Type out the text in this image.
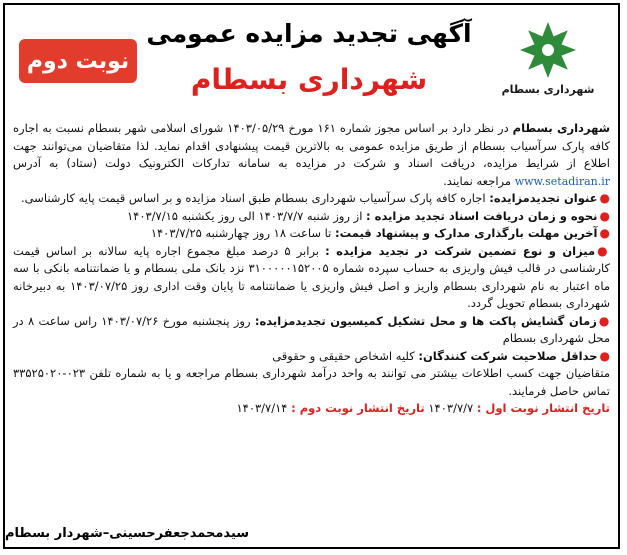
شهرداری بسطام
آگهی تجدید مزایده عمومی
شهرداری بسطام
نوبت دوم

شهرداری بسطام در نظر دارد بر اساس مجوز شماره ۱۶۱ مورخ ۱۴۰۳/۰۵/۲۹ شورای اسلامی شهر بسطام نسبت به اجاره کافه پارک سرآسیاب بسطام از طریق مزایده عمومی به بالاترین قیمت پیشنهادی اقدام نماید. لذا متقاضیان می‌توانند جهت اطلاع از شرایط مزایده، دریافت اسناد و شرکت در مزایده به سامانه تدارکات الکترونیک دولت (ستاد) به آدرس www.setadiran.ir مراجعه نمایند.

●عنوان تجدیدمزایده: اجاره کافه پارک سرآسیاب شهرداری بسطام طبق اسناد مزایده و بر اساس قیمت پایه کارشناسی.

●نحوه و زمان دریافت اسناد تجدید مزایده : از روز شنبه ۱۴۰۳/۷/۷ الی روز یکشنبه ۱۴۰۳/۷/۱۵

●آخرین مهلت بارگذاری مدارک و پیشنهاد قیمت: تا ساعت ۱۸ روز چهارشنبه ۱۴۰۳/۷/۲۵

●میزان و نوع تضمین شرکت در تجدید مزایده : برابر ۵ درصد مبلغ مجموع اجاره پایه سالانه بر اساس قیمت کارشناسی در قالب فیش واریزی به حساب سپرده شماره ۳۱۰۰۰۰۰۱۵۲۰۰۵ نزد بانک ملی بسطام و یا ضمانتنامه بانکی با سه ماه اعتبار به نام شهرداری بسطام واریز و اصل فیش واریزی یا ضمانتنامه تا پایان وقت اداری روز ۱۴۰۳/۰۷/۲۵ به دبیرخانه شهرداری بسطام تحویل گردد.

●زمان گشایش پاکت ها و محل تشکیل کمیسیون تجدیدمزایده: روز پنجشنبه مورخ ۱۴۰۳/۰۷/۲۶ راس ساعت ۸ در محل شهرداری بسطام

●حداقل صلاحیت شرکت کنندگان: کلیه اشخاص حقیقی و حقوقی

متقاضیان جهت کسب اطلاعات بیشتر می توانند به واحد درآمد شهرداری بسطام مراجعه و یا به شماره تلفن ۰۲۳-۳۳۵۲۵۰۲۰ تماس حاصل فرمایند.

تاریخ انتشار نوبت اول : ۱۴۰۳/۷/۷ تاریخ انتشار نوبت دوم : ۱۴۰۳/۷/۱۴

سیدمحمدجعفرحسینی–شهردار بسطام
